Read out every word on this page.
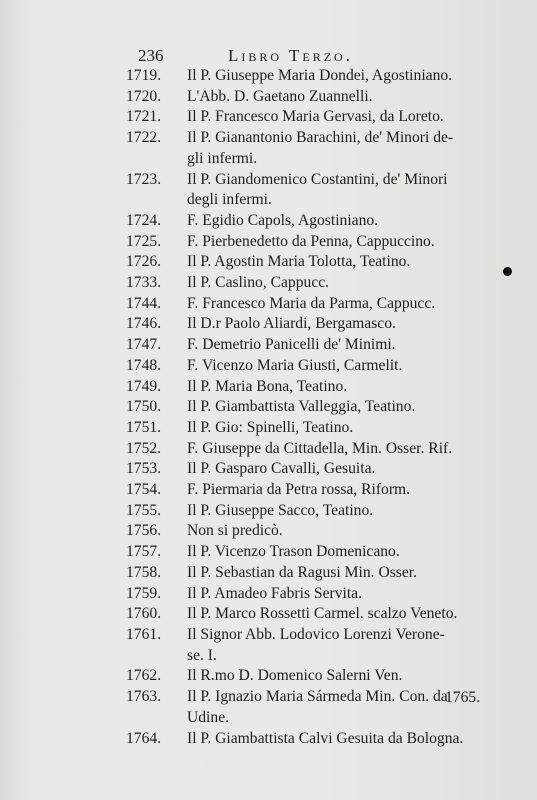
236	Libro Terzo.
1719.	Il P. Giuseppe Maria Dondei, Agostiniano.
1720.	L'Abb. D. Gaetano Zuannelli.
1721.	Il P. Francesco Maria Gervasi, da Loreto.
1722.	Il P. Gianantonio Barachini, de' Minori de-
gli infermi.
1723.	Il P. Giandomenico Costantini, de' Minori
degli infermi.
1724.	F. Egidio Capols, Agostiniano.
1725.	F. Pierbenedetto da Penna, Cappuccino.
1726.	Il P. Agostin Maria Tolotta, Teatino.
1733.	Il P. Caslino, Cappucc.
1744.	F. Francesco Maria da Parma, Cappucc.
1746.	Il D.r Paolo Aliardi, Bergamasco.
1747.	F. Demetrio Panicelli de' Minimi.
1748.	F. Vicenzo Maria Giusti, Carmelit.
1749.	Il P. Maria Bona, Teatino.
1750.	Il P. Giambattista Valleggia, Teatino.
1751.	Il P. Gio: Spinelli, Teatino.
1752.	F. Giuseppe da Cittadella, Min. Osser. Rif.
1753.	Il P. Gasparo Cavalli, Gesuita.
1754.	F. Piermaria da Petra rossa, Riform.
1755.	Il P. Giuseppe Sacco, Teatino.
1756.	Non si predicò.
1757.	Il P. Vicenzo Trason Domenicano.
1758.	Il P. Sebastian da Ragusi Min. Osser.
1759.	Il P. Amadeo Fabris Servita.
1760.	Il P. Marco Rossetti Carmel. scalzo Veneto.
1761.	Il Signor Abb. Lodovico Lorenzi Verone-
se. I.
1762.	Il R.mo D. Domenico Salerni Ven.
1763.	Il P. Ignazio Maria Sármeda Min. Con. da
Udine.
1764.	Il P. Giambattista Calvi Gesuita da Bologna.
1765.
